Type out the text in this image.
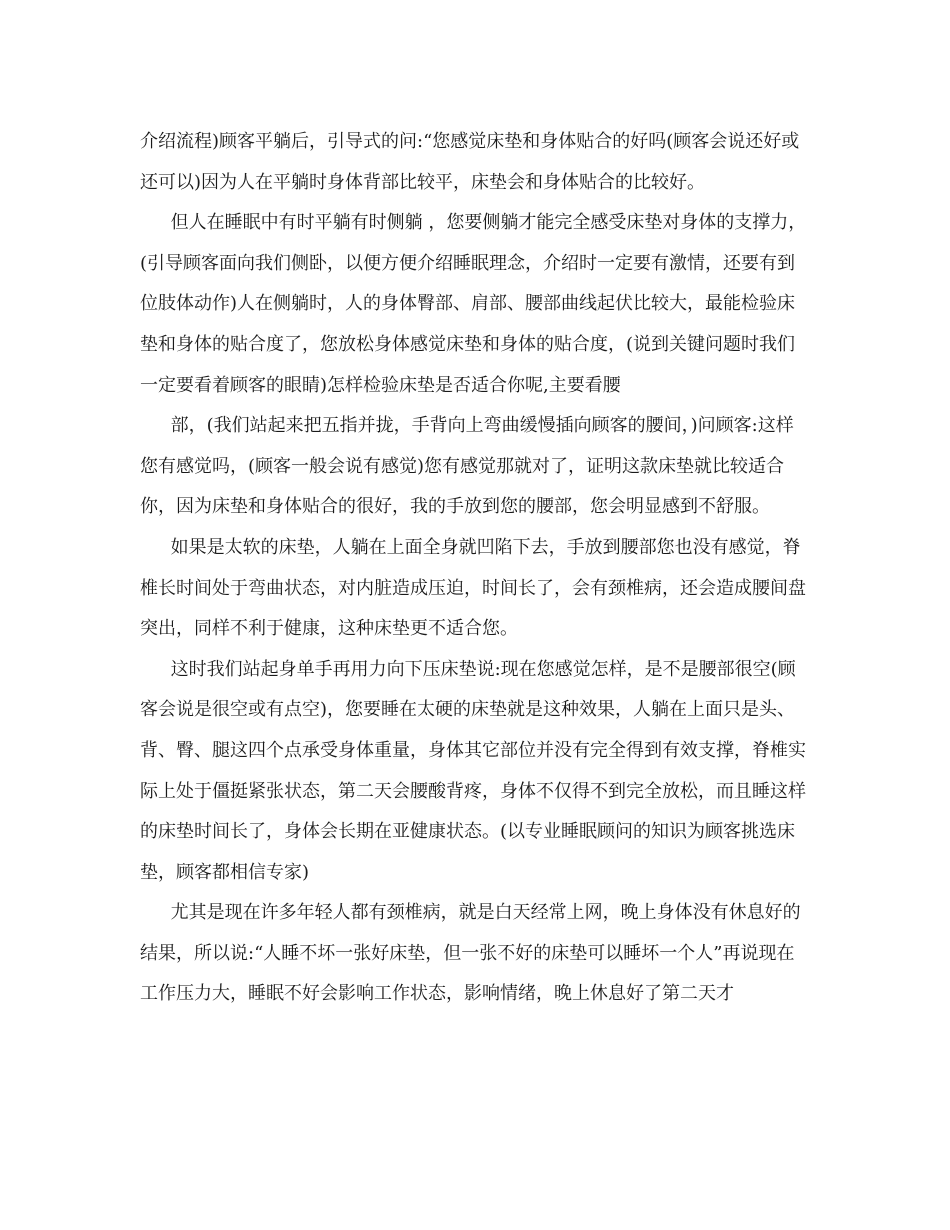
介绍流程)顾客平躺后，引导式的问:“您感觉床垫和身体贴合的好吗(顾客会说还好或还可以)因为人在平躺时身体背部比较平，床垫会和身体贴合的比较好。

但人在睡眠中有时平躺有时侧躺 ，您要侧躺才能完全感受床垫对身体的支撑力，(引导顾客面向我们侧卧，以便方便介绍睡眠理念，介绍时一定要有激情，还要有到位肢体动作)人在侧躺时，人的身体臀部、肩部、腰部曲线起伏比较大，最能检验床垫和身体的贴合度了，您放松身体感觉床垫和身体的贴合度，(说到关键问题时我们一定要看着顾客的眼睛)怎样检验床垫是否适合你呢,主要看腰

部，(我们站起来把五指并拢，手背向上弯曲缓慢插向顾客的腰间，)问顾客:这样您有感觉吗，(顾客一般会说有感觉)您有感觉那就对了，证明这款床垫就比较适合你，因为床垫和身体贴合的很好，我的手放到您的腰部，您会明显感到不舒服。

如果是太软的床垫，人躺在上面全身就凹陷下去，手放到腰部您也没有感觉，脊椎长时间处于弯曲状态，对内脏造成压迫，时间长了，会有颈椎病，还会造成腰间盘突出，同样不利于健康，这种床垫更不适合您。

这时我们站起身单手再用力向下压床垫说:现在您感觉怎样，是不是腰部很空(顾客会说是很空或有点空)，您要睡在太硬的床垫就是这种效果，人躺在上面只是头、背、臀、腿这四个点承受身体重量，身体其它部位并没有完全得到有效支撑，脊椎实际上处于僵挺紧张状态，第二天会腰酸背疼，身体不仅得不到完全放松，而且睡这样的床垫时间长了，身体会长期在亚健康状态。(以专业睡眠顾问的知识为顾客挑选床垫，顾客都相信专家)

尤其是现在许多年轻人都有颈椎病，就是白天经常上网，晚上身体没有休息好的结果，所以说:“人睡不坏一张好床垫，但一张不好的床垫可以睡坏一个人”再说现在工作压力大，睡眠不好会影响工作状态，影响情绪，晚上休息好了第二天才
